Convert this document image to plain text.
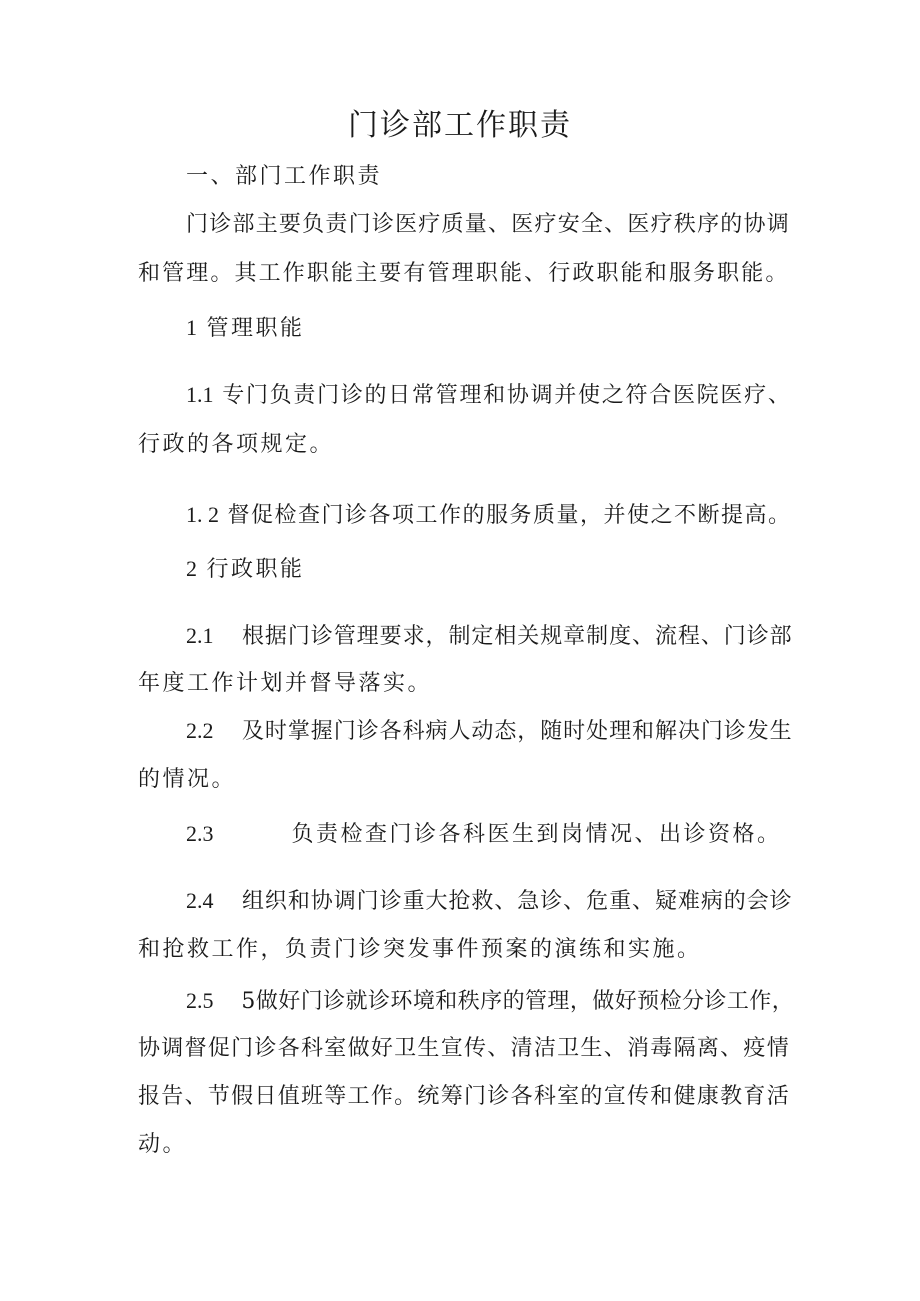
门诊部工作职责
一、部门工作职责
门诊部主要负责门诊医疗质量、医疗安全、医疗秩序的协调
和管理。其工作职能主要有管理职能、行政职能和服务职能。
1 管理职能
1.1 专门负责门诊的日常管理和协调并使之符合医院医疗、
行政的各项规定。
1. 2 督促检查门诊各项工作的服务质量，并使之不断提高。
2 行政职能
2.1 根据门诊管理要求，制定相关规章制度、流程、门诊部
年度工作计划并督导落实。
2.2 及时掌握门诊各科病人动态，随时处理和解决门诊发生
的情况。
2.3	负责检查门诊各科医生到岗情况、出诊资格。
2.4 组织和协调门诊重大抢救、急诊、危重、疑难病的会诊
和抢救工作，负责门诊突发事件预案的演练和实施。
2.5 5做好门诊就诊环境和秩序的管理，做好预检分诊工作，
协调督促门诊各科室做好卫生宣传、清洁卫生、消毒隔离、疫情
报告、节假日值班等工作。统筹门诊各科室的宣传和健康教育活
动。
